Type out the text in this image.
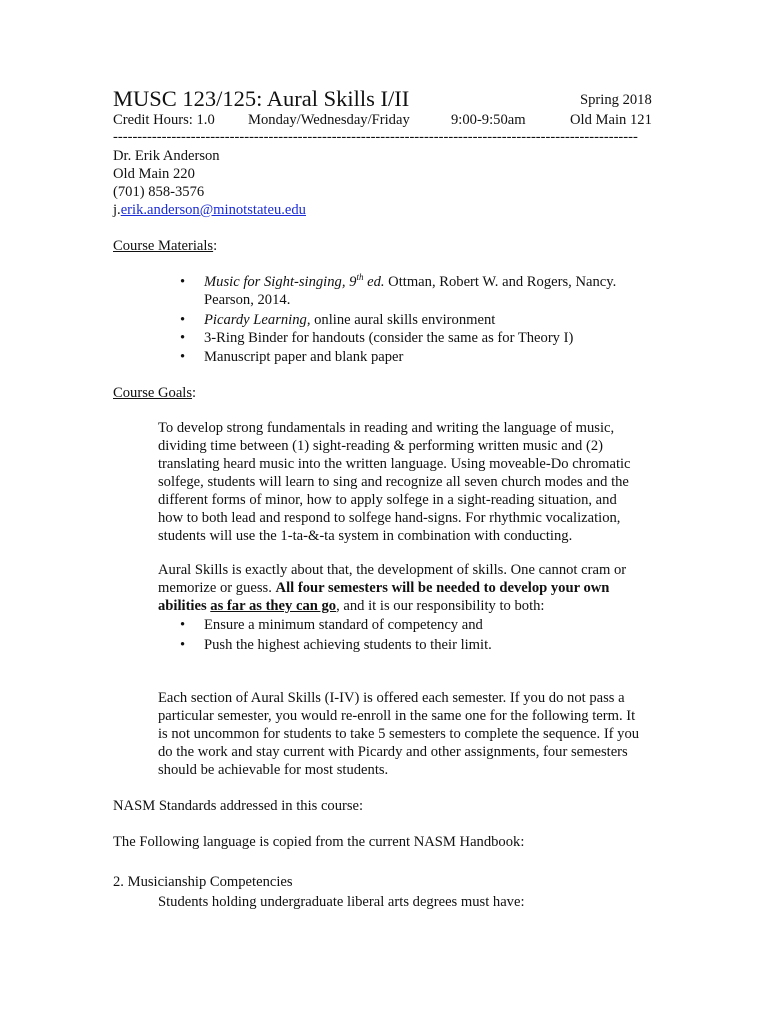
MUSC 123/125: Aural Skills I/II	Spring 2018
Credit Hours: 1.0 Monday/Wednesday/Friday	9:00-9:50am	Old Main 121
------------------------------------------------------------------------------------------------------------
Dr. Erik Anderson
Old Main 220
(701) 858-3576
j.erik.anderson@minotstateu.edu
Course Materials:
• Music for Sight-singing, 9th ed. Ottman, Robert W. and Rogers, Nancy.
Pearson, 2014.
• Picardy Learning, online aural skills environment
• 3-Ring Binder for handouts (consider the same as for Theory I)
• Manuscript paper and blank paper
Course Goals:
To develop strong fundamentals in reading and writing the language of music,
dividing time between (1) sight-reading & performing written music and (2)
translating heard music into the written language. Using moveable-Do chromatic
solfege, students will learn to sing and recognize all seven church modes and the
different forms of minor, how to apply solfege in a sight-reading situation, and
how to both lead and respond to solfege hand-signs. For rhythmic vocalization,
students will use the 1-ta-&-ta system in combination with conducting.
Aural Skills is exactly about that, the development of skills. One cannot cram or
memorize or guess. All four semesters will be needed to develop your own
abilities as far as they can go, and it is our responsibility to both:
• Ensure a minimum standard of competency and
• Push the highest achieving students to their limit.
Each section of Aural Skills (I-IV) is offered each semester. If you do not pass a
particular semester, you would re-enroll in the same one for the following term. It
is not uncommon for students to take 5 semesters to complete the sequence. If you
do the work and stay current with Picardy and other assignments, four semesters
should be achievable for most students.
NASM Standards addressed in this course:
The Following language is copied from the current NASM Handbook:
2. Musicianship Competencies
Students holding undergraduate liberal arts degrees must have:
